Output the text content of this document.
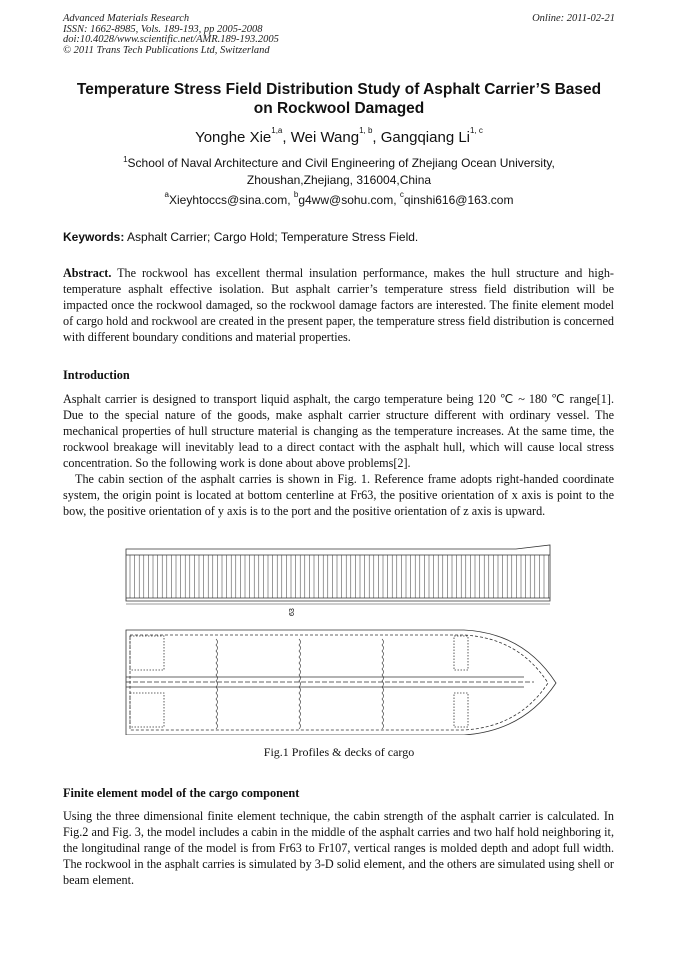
Advanced Materials Research
ISSN: 1662-8985, Vols. 189-193, pp 2005-2008
doi:10.4028/www.scientific.net/AMR.189-193.2005
© 2011 Trans Tech Publications Ltd, Switzerland
Online: 2011-02-21
Temperature Stress Field Distribution Study of Asphalt Carrier’S Based
on Rockwool Damaged
Yonghe Xie$^{1,a}$, Wei Wang$^{1, b}$, Gangqiang Li$^{1, c}$
$^1$School of Naval Architecture and Civil Engineering of Zhejiang Ocean University,
Zhoushan,Zhejiang, 316004,China
$^a$Xieyhtoccs@sina.com, $^b$g4ww@sohu.com, $^c$qinshi616@163.com
Keywords: Asphalt Carrier; Cargo Hold; Temperature Stress Field.
Abstract. The rockwool has excellent thermal insulation performance, makes the hull structure and high-temperature asphalt effective isolation. But asphalt carrier’s temperature stress field distribution will be impacted once the rockwool damaged, so the rockwool damage factors are interested. The finite element model of cargo hold and rockwool are created in the present paper, the temperature stress field distribution is concerned with different boundary conditions and material properties.
Introduction
Asphalt carrier is designed to transport liquid asphalt, the cargo temperature being 120 ℃ ~ 180 ℃ range[1]. Due to the special nature of the goods, make asphalt carrier structure different with ordinary vessel. The mechanical properties of hull structure material is changing as the temperature increases. At the same time, the rockwool breakage will inevitably lead to a direct contact with the asphalt hull, which will cause local stress concentration. So the following work is done about above problems[2].
The cabin section of the asphalt carries is shown in Fig. 1. Reference frame adopts right-handed coordinate system, the origin point is located at bottom centerline at Fr63, the positive orientation of x axis is point to the bow, the positive orientation of y axis is to the port and the positive orientation of z axis is upward.
63
Fig.1 Profiles & decks of cargo
Finite element model of the cargo component
Using the three dimensional finite element technique, the cabin strength of the asphalt carrier is calculated. In Fig.2 and Fig. 3, the model includes a cabin in the middle of the asphalt carries and two half hold neighboring it, the longitudinal range of the model is from Fr63 to Fr107, vertical ranges is molded depth and adopt full width. The rockwool in the asphalt carries is simulated by 3-D solid element, and the others are simulated using shell or beam element.
